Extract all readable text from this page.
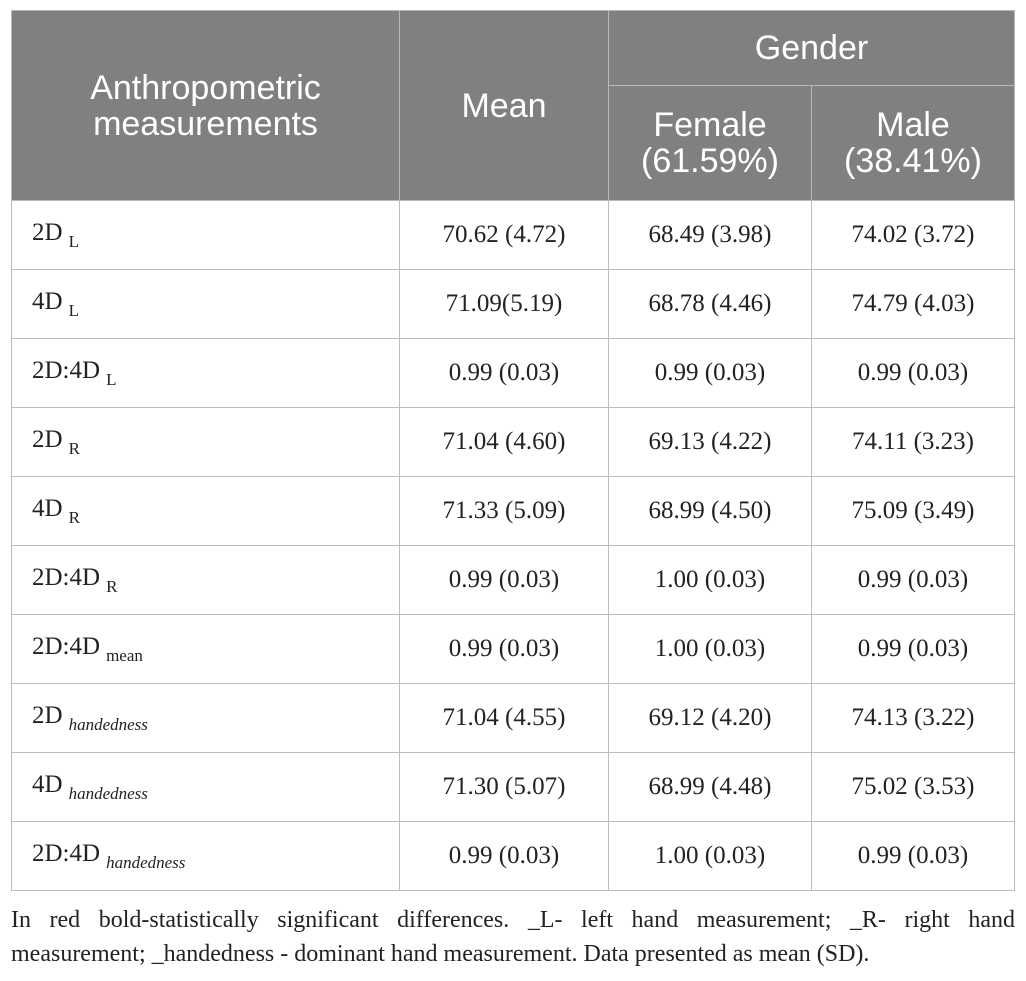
Anthropometric measurements	Mean	Gender	
		Female (61.59%)	Male (38.41%)
2D $_L$	70.62 (4.72)	68.49 (3.98)	74.02 (3.72)
4D $_L$	71.09(5.19)	68.78 (4.46)	74.79 (4.03)
2D:4D $_L$	0.99 (0.03)	0.99 (0.03)	0.99 (0.03)
2D $_R$	71.04 (4.60)	69.13 (4.22)	74.11 (3.23)
4D $_R$	71.33 (5.09)	68.99 (4.50)	75.09 (3.49)
2D:4D $_R$	0.99 (0.03)	1.00 (0.03)	0.99 (0.03)
2D:4D $_{mean}$	0.99 (0.03)	1.00 (0.03)	0.99 (0.03)
2D $_{handedness}$	71.04 (4.55)	69.12 (4.20)	74.13 (3.22)
4D $_{handedness}$	71.30 (5.07)	68.99 (4.48)	75.02 (3.53)
2D:4D $_{handedness}$	0.99 (0.03)	1.00 (0.03)	0.99 (0.03)

In red bold-statistically significant differences. _L- left hand measurement; _R- right hand measurement; _handedness - dominant hand measurement. Data presented as mean (SD).
